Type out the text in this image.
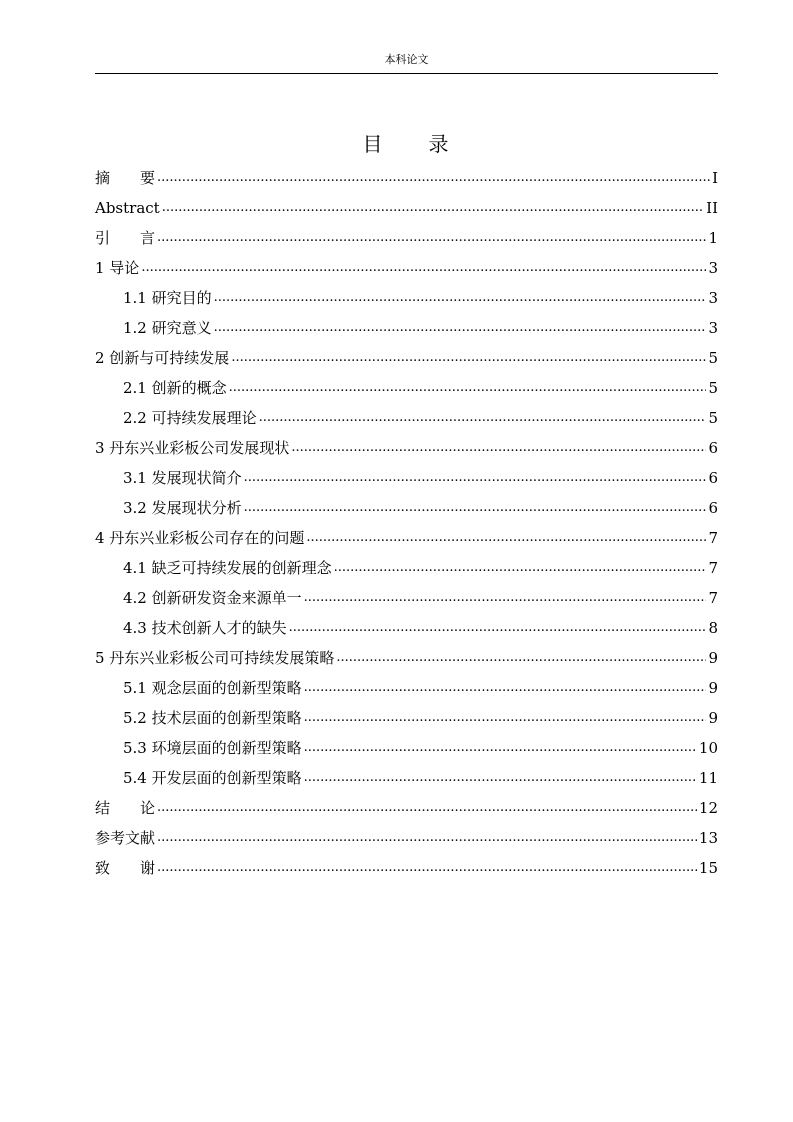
本科论文
目　　录
摘　　要 .....	I
Abstract .....	II
引　　言 .....	1
1 导论 .....	3
1.1 研究目的 .....	3
1.2 研究意义 .....	3
2 创新与可持续发展 .....	5
2.1 创新的概念 .....	5
2.2 可持续发展理论 .....	5
3 丹东兴业彩板公司发展现状 .....	6
3.1 发展现状简介 .....	6
3.2 发展现状分析 .....	6
4 丹东兴业彩板公司存在的问题 .....	7
4.1 缺乏可持续发展的创新理念 .....	7
4.2 创新研发资金来源单一 .....	7
4.3 技术创新人才的缺失 .....	8
5 丹东兴业彩板公司可持续发展策略 .....	9
5.1 观念层面的创新型策略 .....	9
5.2 技术层面的创新型策略 .....	9
5.3 环境层面的创新型策略 .....	10
5.4 开发层面的创新型策略 .....	11
结　　论 .....	12
参考文献 .....	13
致　　谢 .....	15
